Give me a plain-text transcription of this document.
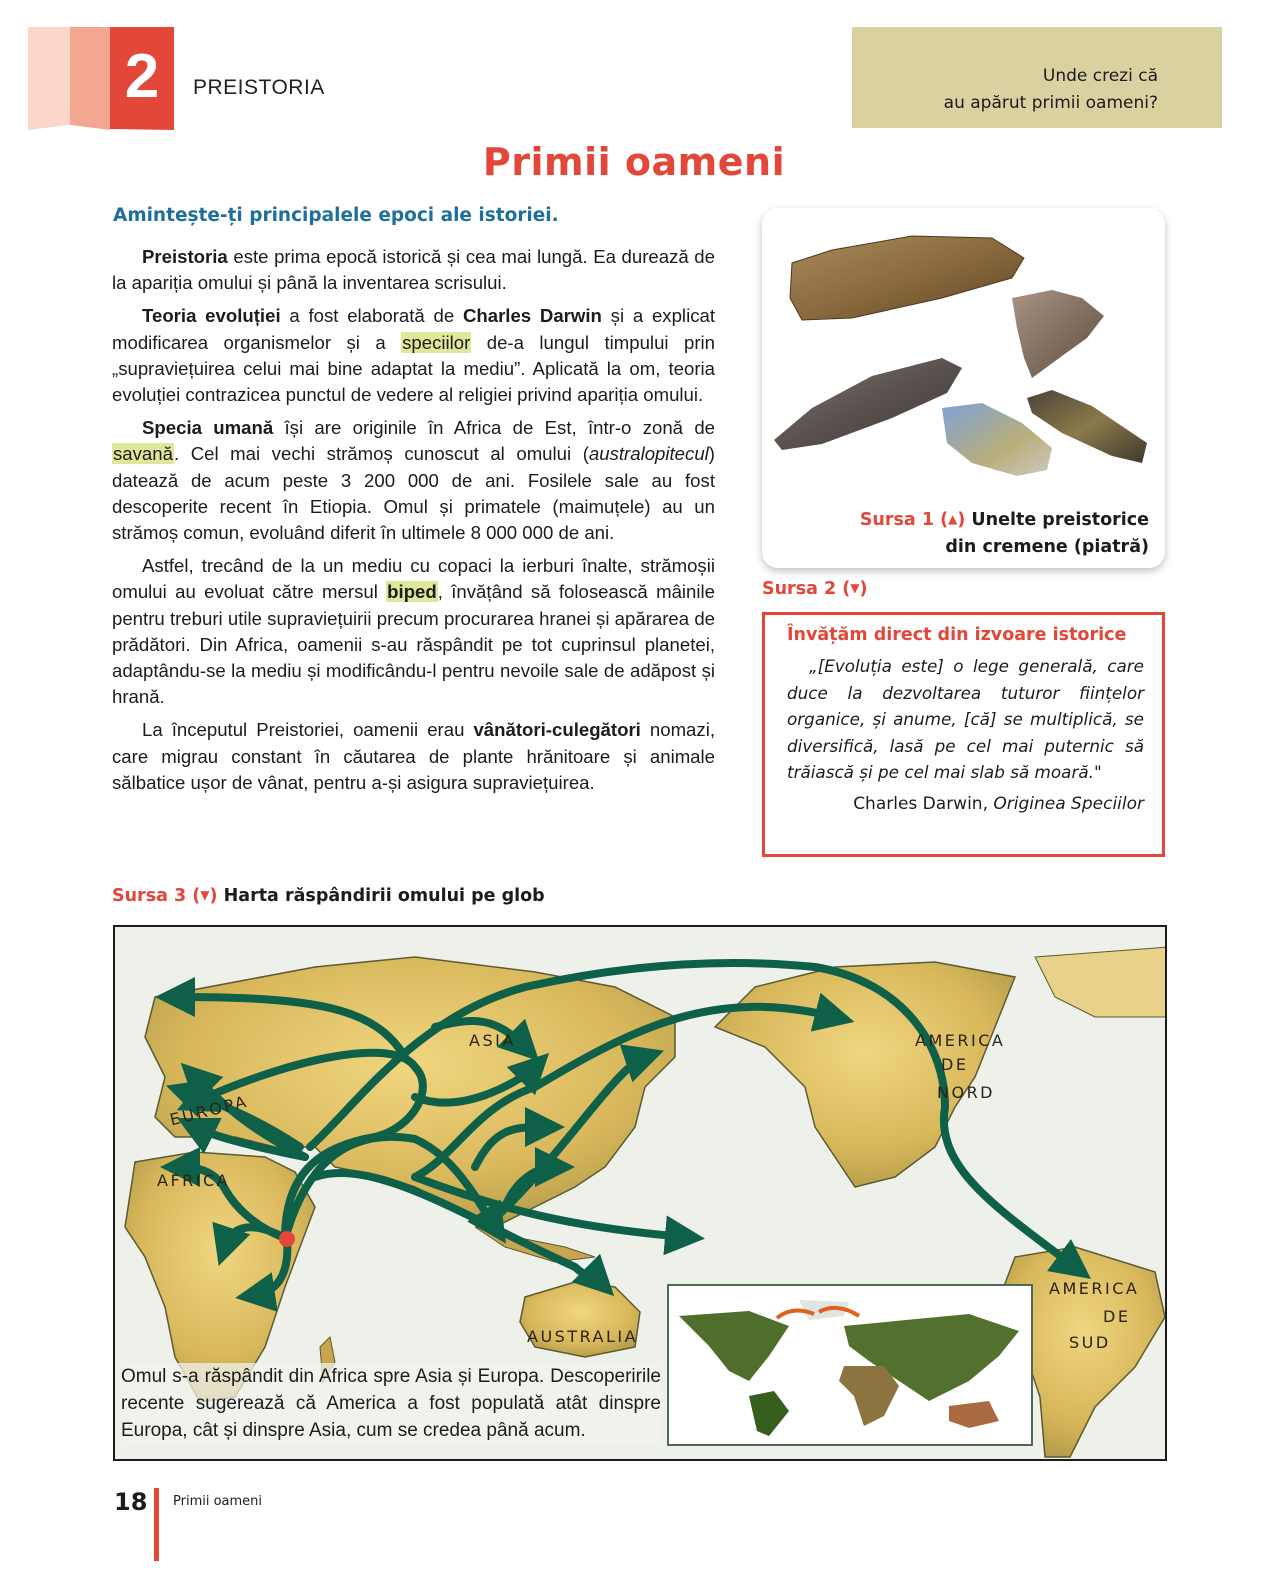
2	PREISTORIA	Unde crezi că
au apărut primii oameni?
Primii oameni
Amintește-ți principalele epoci ale istoriei.

Preistoria este prima epocă istorică și cea mai lungă. Ea durează de la apariția omului și până la inventarea scrisului.

Teoria evoluției a fost elaborată de Charles Darwin și a explicat modificarea organismelor și a speciilor de-a lungul timpului prin „supraviețuirea celui mai bine adaptat la mediu”. Aplicată la om, teoria evoluției contrazicea punctul de vedere al religiei privind apariția omului.

Specia umană își are originile în Africa de Est, într-o zonă de savană. Cel mai vechi strămoș cunoscut al omului (australopitecul) datează de acum peste 3 200 000 de ani. Fosilele sale au fost descoperite recent în Etiopia. Omul și primatele (maimuțele) au un strămoș comun, evoluând diferit în ultimele 8 000 000 de ani.

Astfel, trecând de la un mediu cu copaci la ierburi înalte, strămoșii omului au evoluat către mersul biped, învățând să folosească mâinile pentru treburi utile supraviețuirii precum procurarea hranei și apărarea de prădători. Din Africa, oamenii s-au răspândit pe tot cuprinsul planetei, adaptându-se la mediu și modificându-l pentru nevoile sale de adăpost și hrană.

La începutul Preistoriei, oamenii erau vânători-culegători nomazi, care migrau constant în căutarea de plante hrănitoare și animale sălbatice ușor de vânat, pentru a-și asigura supraviețuirea.

Sursa 1 (▲) Unelte preistorice
din cremene (piatră)
Sursa 2 (▼)
Învățăm direct din izvoare istorice
„[Evoluția este] o lege generală, care duce la dezvoltarea tuturor ființelor organice, și anume, [că] se multiplică, se diversifică, lasă pe cel mai puternic să trăiască și pe cel mai slab să moară."
Charles Darwin, Originea Speciilor
Sursa 3 (▼) Harta răspândirii omului pe glob
ASIA
EUROPA
AFRICA
AUSTRALIA
AMERICA
DE
NORD
AMERICA
DE
SUD
Omul s-a răspândit din Africa spre Asia și Europa. Descoperirile recente sugerează că America a fost populată atât dinspre Europa, cât și dinspre Asia, cum se credea până acum.
18 Primii oameni
